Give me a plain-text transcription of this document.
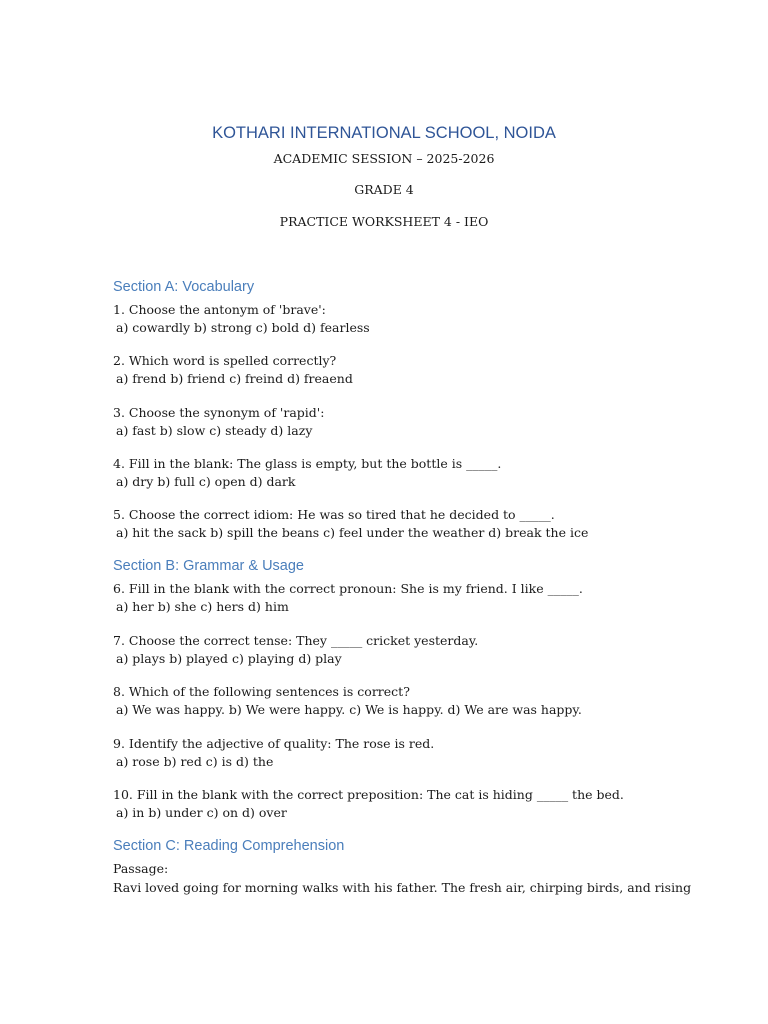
KOTHARI INTERNATIONAL SCHOOL, NOIDA
ACADEMIC SESSION – 2025-2026
GRADE 4
PRACTICE WORKSHEET 4 - IEO
Section A: Vocabulary
1. Choose the antonym of 'brave':
a) cowardly b) strong c) bold d) fearless
2. Which word is spelled correctly?
a) frend b) friend c) freind d) freaend
3. Choose the synonym of 'rapid':
a) fast b) slow c) steady d) lazy
4. Fill in the blank: The glass is empty, but the bottle is _____.
a) dry b) full c) open d) dark
5. Choose the correct idiom: He was so tired that he decided to _____.
a) hit the sack b) spill the beans c) feel under the weather d) break the ice
Section B: Grammar & Usage
6. Fill in the blank with the correct pronoun: She is my friend. I like _____.
a) her b) she c) hers d) him
7. Choose the correct tense: They _____ cricket yesterday.
a) plays b) played c) playing d) play
8. Which of the following sentences is correct?
a) We was happy. b) We were happy. c) We is happy. d) We are was happy.
9. Identify the adjective of quality: The rose is red.
a) rose b) red c) is d) the
10. Fill in the blank with the correct preposition: The cat is hiding _____ the bed.
a) in b) under c) on d) over
Section C: Reading Comprehension
Passage:
Ravi loved going for morning walks with his father. The fresh air, chirping birds, and rising
